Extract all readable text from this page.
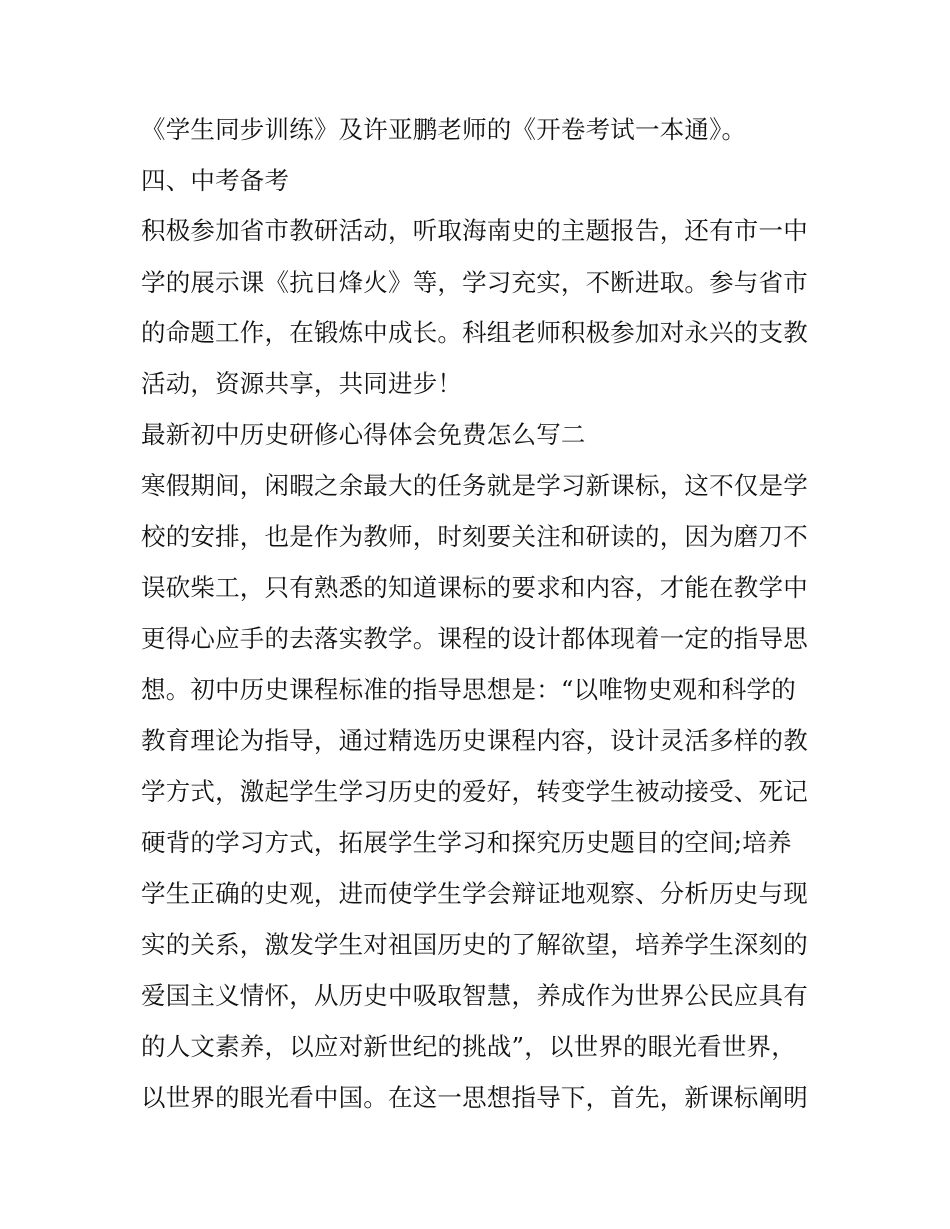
《学生同步训练》及许亚鹏老师的《开卷考试一本通》。
四、中考备考
积极参加省市教研活动，听取海南史的主题报告，还有市一中
学的展示课《抗日烽火》等，学习充实，不断进取。参与省市
的命题工作，在锻炼中成长。科组老师积极参加对永兴的支教
活动，资源共享，共同进步！
最新初中历史研修心得体会免费怎么写二
寒假期间，闲暇之余最大的任务就是学习新课标，这不仅是学
校的安排，也是作为教师，时刻要关注和研读的，因为磨刀不
误砍柴工，只有熟悉的知道课标的要求和内容，才能在教学中
更得心应手的去落实教学。课程的设计都体现着一定的指导思
想。初中历史课程标准的指导思想是：“以唯物史观和科学的
教育理论为指导，通过精选历史课程内容，设计灵活多样的教
学方式，激起学生学习历史的爱好，转变学生被动接受、死记
硬背的学习方式，拓展学生学习和探究历史题目的空间;培养
学生正确的史观，进而使学生学会辩证地观察、分析历史与现
实的关系，激发学生对祖国历史的了解欲望，培养学生深刻的
爱国主义情怀，从历史中吸取智慧，养成作为世界公民应具有
的人文素养，以应对新世纪的挑战”，以世界的眼光看世界，
以世界的眼光看中国。在这一思想指导下，首先，新课标阐明
